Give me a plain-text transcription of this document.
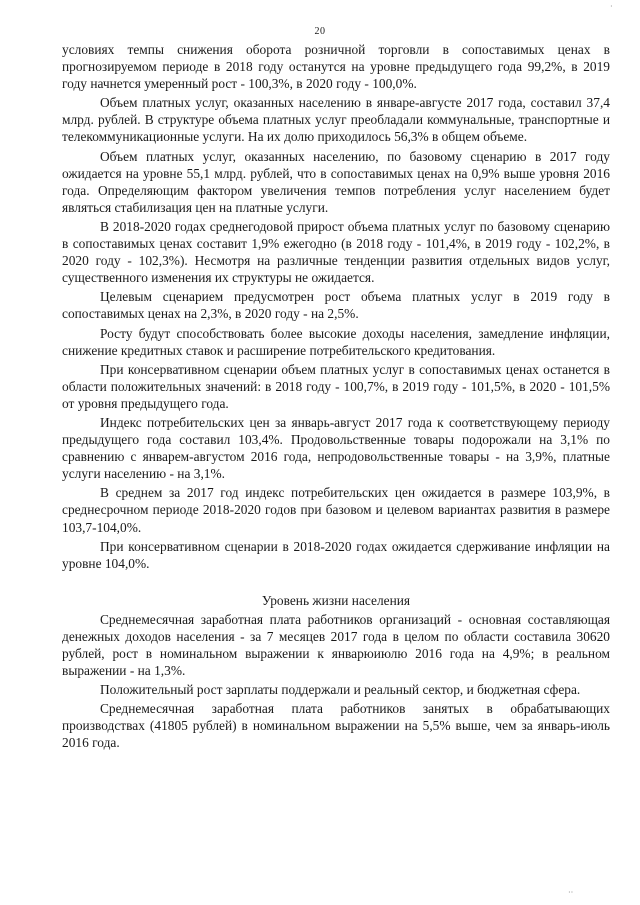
20

условиях темпы снижения оборота розничной торговли в сопоставимых ценах в прогнозируемом периоде в 2018 году останутся на уровне предыдущего года 99,2%, в 2019 году начнется умеренный рост - 100,3%, в 2020 году - 100,0%.

Объем платных услуг, оказанных населению в январе-августе 2017 года, составил 37,4 млрд. рублей. В структуре объема платных услуг преобладали коммунальные, транспортные и телекоммуникационные услуги. На их долю приходилось 56,3% в общем объеме.

Объем платных услуг, оказанных населению, по базовому сценарию в 2017 году ожидается на уровне 55,1 млрд. рублей, что в сопоставимых ценах на 0,9% выше уровня 2016 года. Определяющим фактором увеличения темпов потребления услуг населением будет являться стабилизация цен на платные услуги.

В 2018-2020 годах среднегодовой прирост объема платных услуг по базовому сценарию в сопоставимых ценах составит 1,9% ежегодно (в 2018 году - 101,4%, в 2019 году - 102,2%, в 2020 году - 102,3%). Несмотря на различные тенденции развития отдельных видов услуг, существенного изменения их структуры не ожидается.

Целевым сценарием предусмотрен рост объема платных услуг в 2019 году в сопоставимых ценах на 2,3%, в 2020 году - на 2,5%.

Росту будут способствовать более высокие доходы населения, замедление инфляции, снижение кредитных ставок и расширение потребительского кредитования.

При консервативном сценарии объем платных услуг в сопоставимых ценах останется в области положительных значений: в 2018 году - 100,7%, в 2019 году - 101,5%, в 2020 - 101,5% от уровня предыдущего года.

Индекс потребительских цен за январь-август 2017 года к соответствующему периоду предыдущего года составил 103,4%. Продовольственные товары подорожали на 3,1% по сравнению с январем-августом 2016 года, непродовольственные товары - на 3,9%, платные услуги населению - на 3,1%.

В среднем за 2017 год индекс потребительских цен ожидается в размере 103,9%, в среднесрочном периоде 2018-2020 годов при базовом и целевом вариантах развития в размере 103,7-104,0%.

При консервативном сценарии в 2018-2020 годах ожидается сдерживание инфляции на уровне 104,0%.

Уровень жизни населения

Среднемесячная заработная плата работников организаций - основная составляющая денежных доходов населения - за 7 месяцев 2017 года в целом по области составила 30620 рублей, рост в номинальном выражении к январюиюлю 2016 года на 4,9%; в реальном выражении - на 1,3%.

Положительный рост зарплаты поддержали и реальный сектор, и бюджетная сфера.

Среднемесячная заработная плата работников занятых в обрабатывающих производствах (41805 рублей) в номинальном выражении на 5,5% выше, чем за январь-июль 2016 года.

·
··
